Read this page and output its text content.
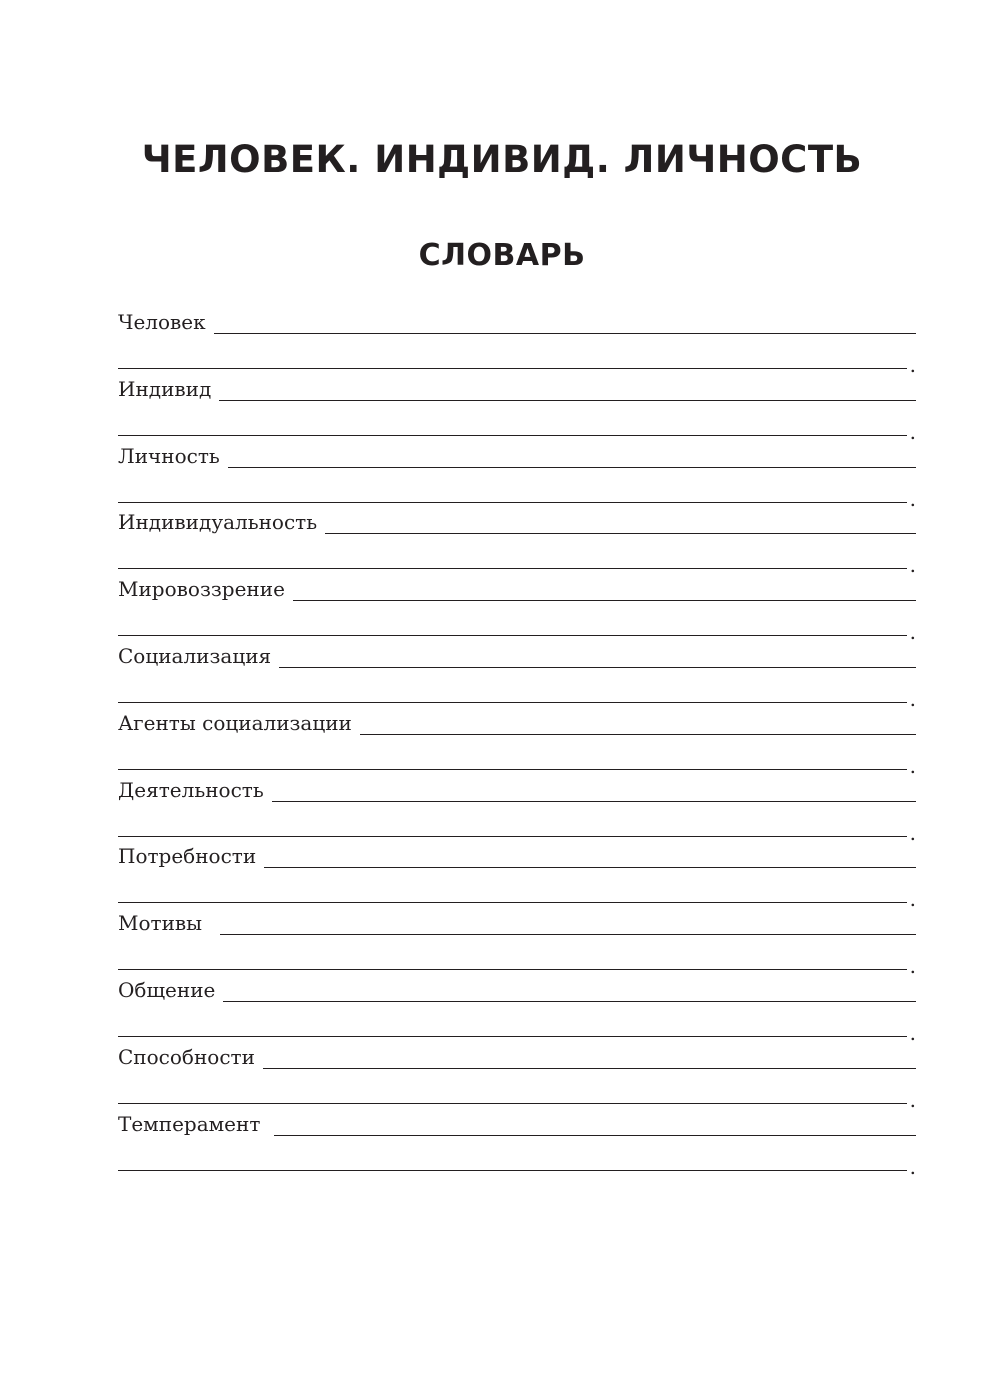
ЧЕЛОВЕК. ИНДИВИД. ЛИЧНОСТЬ
СЛОВАРЬ
Человек
.
Индивид
.
Личность
.
Индивидуальность
.
Мировоззрение
.
Социализация
.
Агенты социализации
.
Деятельность
.
Потребности
.
Мотивы
.
Общение
.
Способности
.
Темперамент
.
